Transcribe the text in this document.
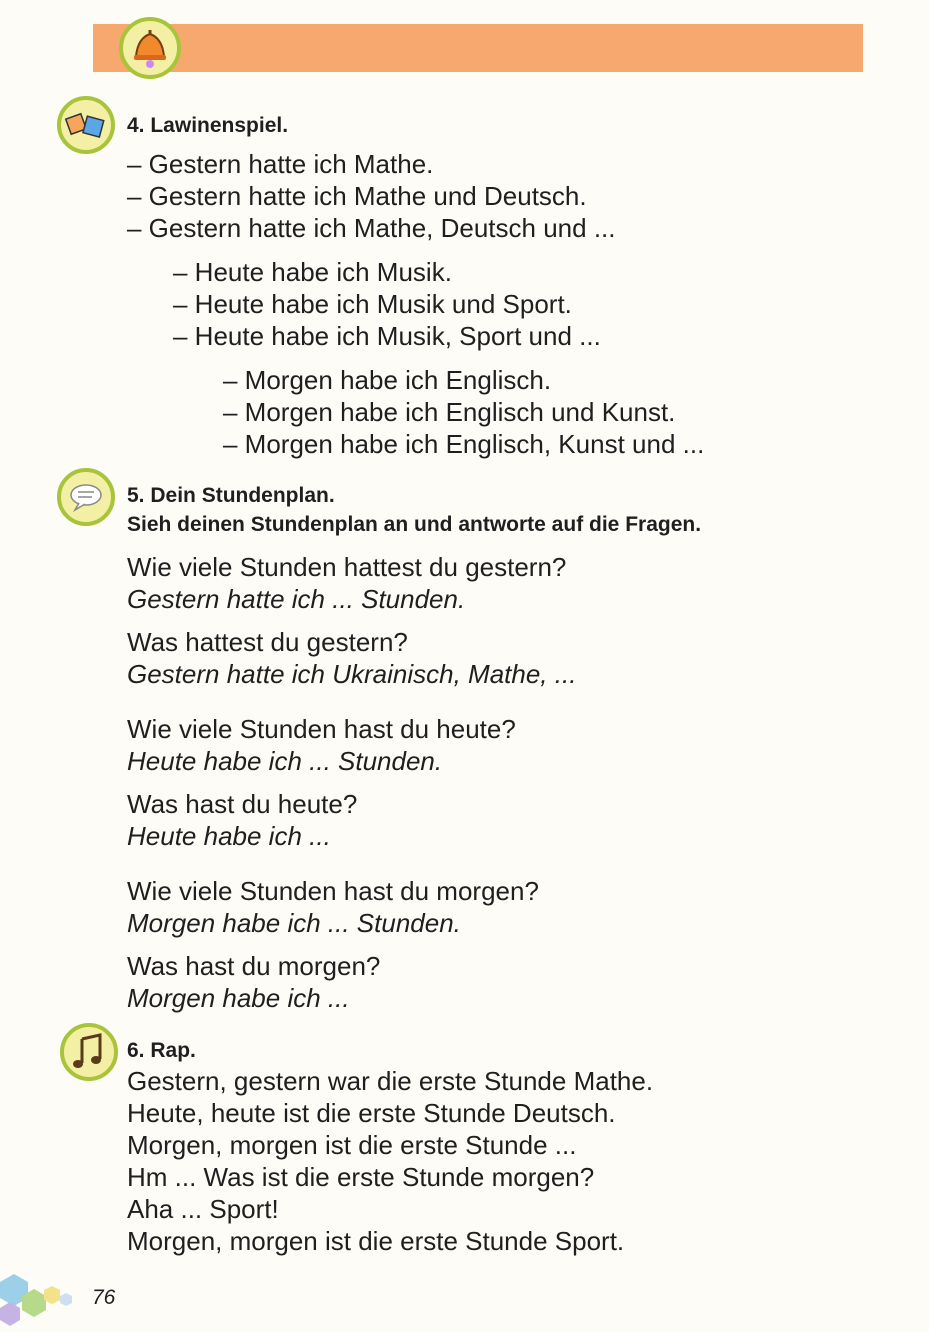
4. Lawinenspiel.
– Gestern hatte ich Mathe.
– Gestern hatte ich Mathe und Deutsch.
– Gestern hatte ich Mathe, Deutsch und ...
– Heute habe ich Musik.
– Heute habe ich Musik und Sport.
– Heute habe ich Musik, Sport und ...
– Morgen habe ich Englisch.
– Morgen habe ich Englisch und Kunst.
– Morgen habe ich Englisch, Kunst und ...
5. Dein Stundenplan.
Sieh deinen Stundenplan an und antworte auf die Fragen.
Wie viele Stunden hattest du gestern?
Gestern hatte ich ... Stunden.
Was hattest du gestern?
Gestern hatte ich Ukrainisch, Mathe, ...
Wie viele Stunden hast du heute?
Heute habe ich ... Stunden.
Was hast du heute?
Heute habe ich ...
Wie viele Stunden hast du morgen?
Morgen habe ich ... Stunden.
Was hast du morgen?
Morgen habe ich ...
6. Rap.
Gestern, gestern war die erste Stunde Mathe.
Heute, heute ist die erste Stunde Deutsch.
Morgen, morgen ist die erste Stunde ...
Hm ... Was ist die erste Stunde morgen?
Aha ... Sport!
Morgen, morgen ist die erste Stunde Sport.
76
